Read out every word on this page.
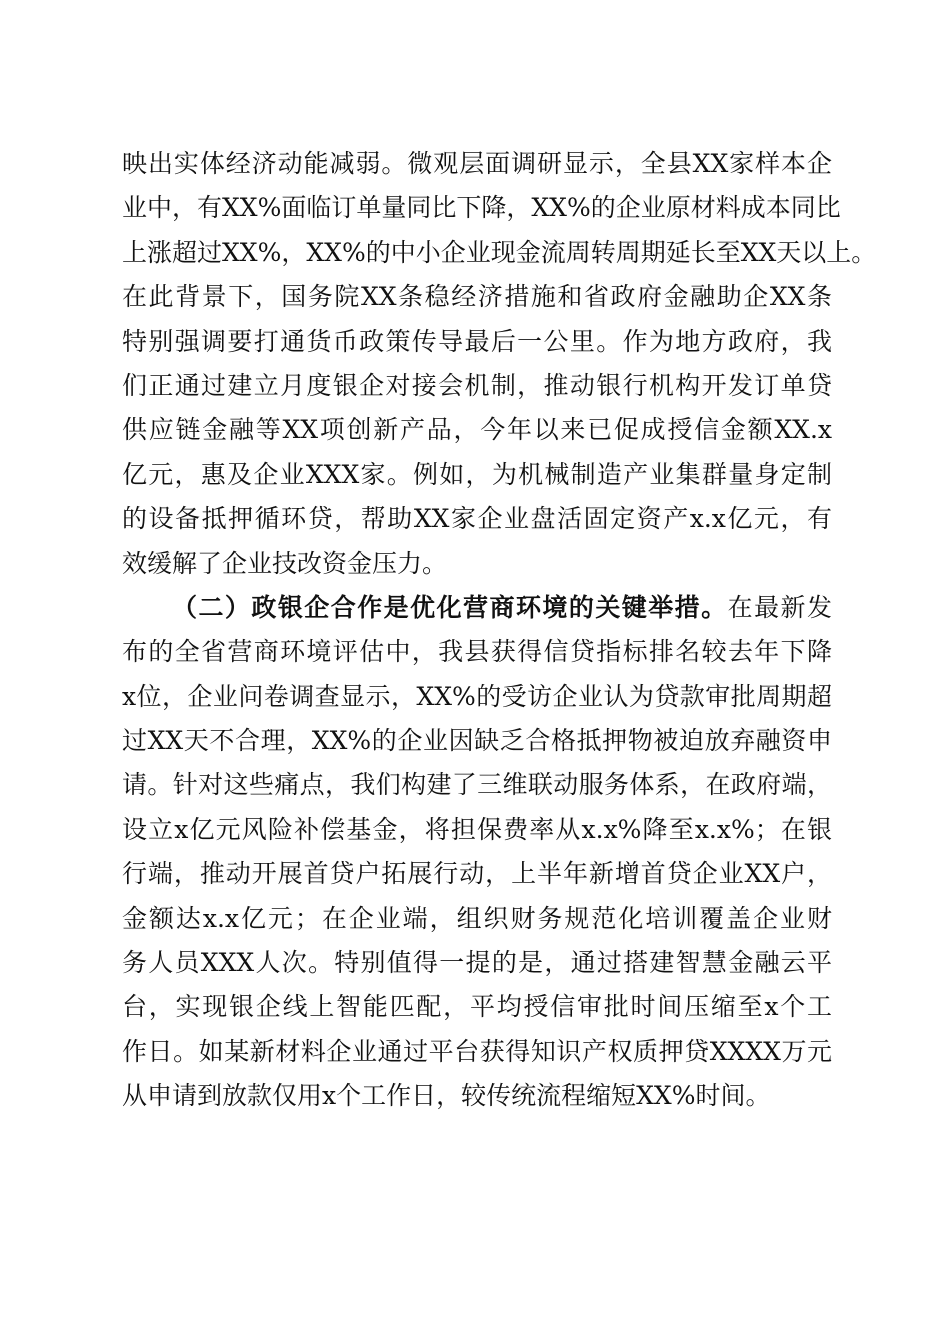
映出实体经济动能减弱。微观层面调研显示，全县XX家样本企
业中，有XX%面临订单量同比下降，XX%的企业原材料成本同比
上涨超过XX%，XX%的中小企业现金流周转周期延长至XX天以上。
在此背景下，国务院XX条稳经济措施和省政府金融助企XX条
特别强调要打通货币政策传导最后一公里。作为地方政府，我
们正通过建立月度银企对接会机制，推动银行机构开发订单贷
供应链金融等XX项创新产品，今年以来已促成授信金额XX.x
亿元，惠及企业XXX家。例如，为机械制造产业集群量身定制
的设备抵押循环贷，帮助XX家企业盘活固定资产x.x亿元，有
效缓解了企业技改资金压力。
（二）政银企合作是优化营商环境的关键举措。在最新发
布的全省营商环境评估中，我县获得信贷指标排名较去年下降
x位，企业问卷调查显示，XX%的受访企业认为贷款审批周期超
过XX天不合理，XX%的企业因缺乏合格抵押物被迫放弃融资申
请。针对这些痛点，我们构建了三维联动服务体系，在政府端，
设立x亿元风险补偿基金，将担保费率从x.x%降至x.x%；在银
行端，推动开展首贷户拓展行动，上半年新增首贷企业XX户，
金额达x.x亿元；在企业端，组织财务规范化培训覆盖企业财
务人员XXX人次。特别值得一提的是，通过搭建智慧金融云平
台，实现银企线上智能匹配，平均授信审批时间压缩至x个工
作日。如某新材料企业通过平台获得知识产权质押贷XXXX万元
从申请到放款仅用x个工作日，较传统流程缩短XX%时间。
